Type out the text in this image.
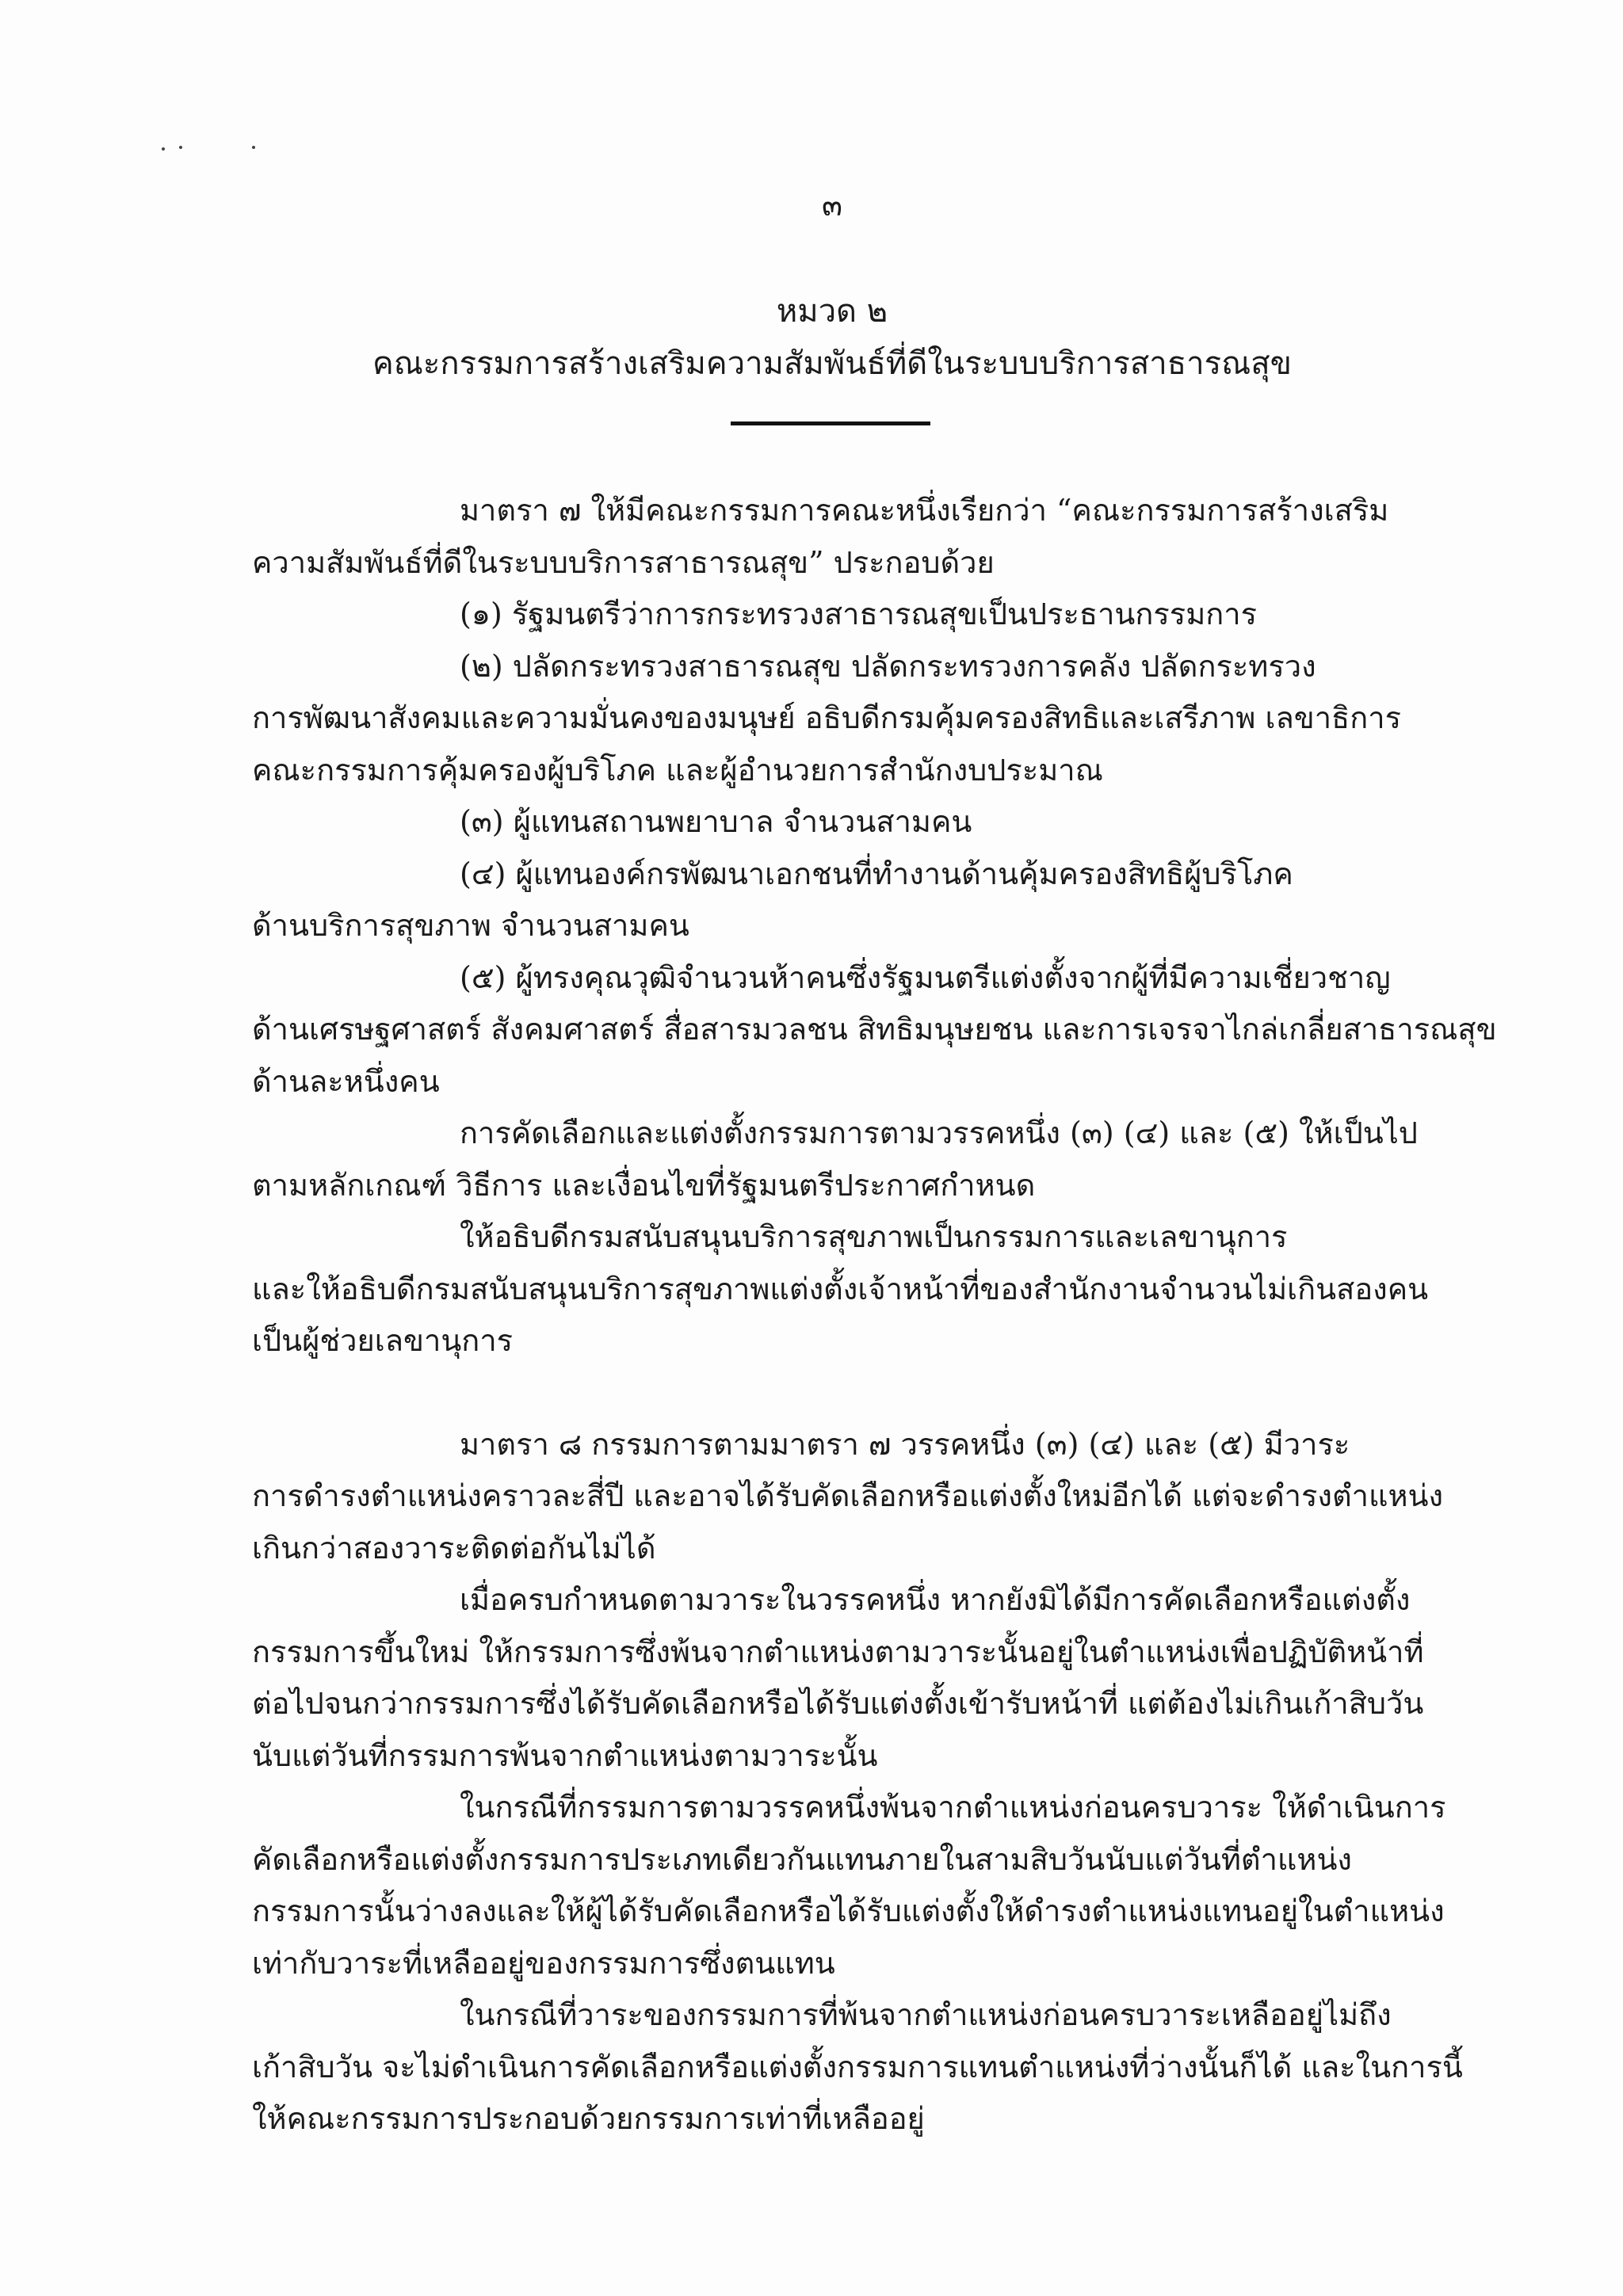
๓
หมวด ๒
คณะกรรมการสร้างเสริมความสัมพันธ์ที่ดีในระบบบริการสาธารณสุข
มาตรา ๗ ให้มีคณะกรรมการคณะหนึ่งเรียกว่า “คณะกรรมการสร้างเสริม
ความสัมพันธ์ที่ดีในระบบบริการสาธารณสุข” ประกอบด้วย
(๑) รัฐมนตรีว่าการกระทรวงสาธารณสุขเป็นประธานกรรมการ
(๒) ปลัดกระทรวงสาธารณสุข ปลัดกระทรวงการคลัง ปลัดกระทรวง
การพัฒนาสังคมและความมั่นคงของมนุษย์ อธิบดีกรมคุ้มครองสิทธิและเสรีภาพ เลขาธิการ
คณะกรรมการคุ้มครองผู้บริโภค และผู้อำนวยการสำนักงบประมาณ
(๓) ผู้แทนสถานพยาบาล จำนวนสามคน
(๔) ผู้แทนองค์กรพัฒนาเอกชนที่ทำงานด้านคุ้มครองสิทธิผู้บริโภค
ด้านบริการสุขภาพ จำนวนสามคน
(๕) ผู้ทรงคุณวุฒิจำนวนห้าคนซึ่งรัฐมนตรีแต่งตั้งจากผู้ที่มีความเชี่ยวชาญ
ด้านเศรษฐศาสตร์ สังคมศาสตร์ สื่อสารมวลชน สิทธิมนุษยชน และการเจรจาไกล่เกลี่ยสาธารณสุข
ด้านละหนึ่งคน
การคัดเลือกและแต่งตั้งกรรมการตามวรรคหนึ่ง (๓) (๔) และ (๕) ให้เป็นไป
ตามหลักเกณฑ์ วิธีการ และเงื่อนไขที่รัฐมนตรีประกาศกำหนด
ให้อธิบดีกรมสนับสนุนบริการสุขภาพเป็นกรรมการและเลขานุการ
และให้อธิบดีกรมสนับสนุนบริการสุขภาพแต่งตั้งเจ้าหน้าที่ของสำนักงานจำนวนไม่เกินสองคน
เป็นผู้ช่วยเลขานุการ
มาตรา ๘ กรรมการตามมาตรา ๗ วรรคหนึ่ง (๓) (๔) และ (๕) มีวาระ
การดำรงตำแหน่งคราวละสี่ปี และอาจได้รับคัดเลือกหรือแต่งตั้งใหม่อีกได้ แต่จะดำรงตำแหน่ง
เกินกว่าสองวาระติดต่อกันไม่ได้
เมื่อครบกำหนดตามวาระในวรรคหนึ่ง หากยังมิได้มีการคัดเลือกหรือแต่งตั้ง
กรรมการขึ้นใหม่ ให้กรรมการซึ่งพ้นจากตำแหน่งตามวาระนั้นอยู่ในตำแหน่งเพื่อปฏิบัติหน้าที่
ต่อไปจนกว่ากรรมการซึ่งได้รับคัดเลือกหรือได้รับแต่งตั้งเข้ารับหน้าที่ แต่ต้องไม่เกินเก้าสิบวัน
นับแต่วันที่กรรมการพ้นจากตำแหน่งตามวาระนั้น
ในกรณีที่กรรมการตามวรรคหนึ่งพ้นจากตำแหน่งก่อนครบวาระ ให้ดำเนินการ
คัดเลือกหรือแต่งตั้งกรรมการประเภทเดียวกันแทนภายในสามสิบวันนับแต่วันที่ตำแหน่ง
กรรมการนั้นว่างลงและให้ผู้ได้รับคัดเลือกหรือได้รับแต่งตั้งให้ดำรงตำแหน่งแทนอยู่ในตำแหน่ง
เท่ากับวาระที่เหลืออยู่ของกรรมการซึ่งตนแทน
ในกรณีที่วาระของกรรมการที่พ้นจากตำแหน่งก่อนครบวาระเหลืออยู่ไม่ถึง
เก้าสิบวัน จะไม่ดำเนินการคัดเลือกหรือแต่งตั้งกรรมการแทนตำแหน่งที่ว่างนั้นก็ได้ และในการนี้
ให้คณะกรรมการประกอบด้วยกรรมการเท่าที่เหลืออยู่
